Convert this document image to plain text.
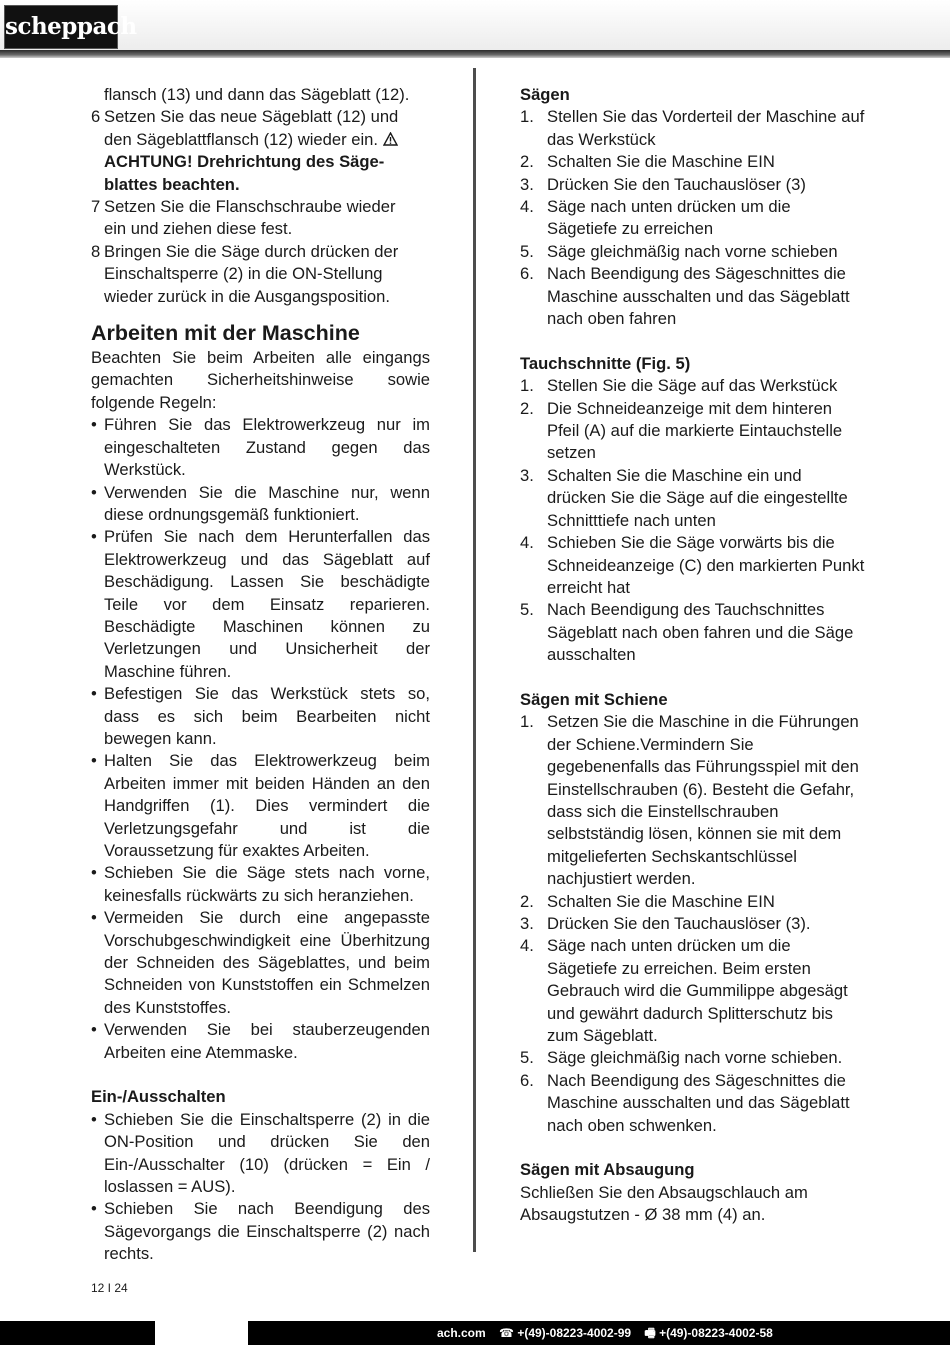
scheppach

flansch (13) und dann das Sägeblatt (12).

6 Setzen Sie das neue Sägeblatt (12) und
den Sägeblattflansch (12) wieder ein.
ACHTUNG! Drehrichtung des Säge-
blattes beachten.
7 Setzen Sie die Flanschschraube wieder
ein und ziehen diese fest.
8 Bringen Sie die Säge durch drücken der
Einschaltsperre (2) in die ON-Stellung
wieder zurück in die Ausgangsposition.
Arbeiten mit der Maschine

Beachten Sie beim Arbeiten alle eingangs gemachten Sicherheitshinweise sowie folgende Regeln:

• Führen Sie das Elektrowerkzeug nur im eingeschalteten Zustand gegen das Werkstück.
• Verwenden Sie die Maschine nur, wenn diese ordnungsgemäß funktioniert.
• Prüfen Sie nach dem Herunterfallen das Elektrowerkzeug und das Sägeblatt auf Beschädigung. Lassen Sie beschädigte Teile vor dem Einsatz reparieren. Beschädigte Maschinen können zu Verletzungen und Unsicherheit der Maschine führen.
• Befestigen Sie das Werkstück stets so, dass es sich beim Bearbeiten nicht bewegen kann.
• Halten Sie das Elektrowerkzeug beim Arbeiten immer mit beiden Händen an den Handgriffen (1). Dies vermindert die Verletzungsgefahr und ist die Voraussetzung für exaktes Arbeiten.
• Schieben Sie die Säge stets nach vorne, keinesfalls rückwärts zu sich heranziehen.
• Vermeiden Sie durch eine angepasste Vorschubgeschwindigkeit eine Überhitzung der Schneiden des Sägeblattes, und beim Schneiden von Kunststoffen ein Schmelzen des Kunststoffes.
• Verwenden Sie bei stauberzeugenden Arbeiten eine Atemmaske.
Ein-/Ausschalten
• Schieben Sie die Einschaltsperre (2) in die ON-Position und drücken Sie den Ein-/Ausschalter (10) (drücken = Ein / loslassen = AUS).
• Schieben Sie nach Beendigung des Sägevorgangs die Einschaltsperre (2) nach rechts.
Sägen
1. Stellen Sie das Vorderteil der Maschine auf das Werkstück
2. Schalten Sie die Maschine EIN
3. Drücken Sie den Tauchauslöser (3)
4. Säge nach unten drücken um die Sägetiefe zu erreichen
5. Säge gleichmäßig nach vorne schieben
6. Nach Beendigung des Sägeschnittes die Maschine ausschalten und das Sägeblatt nach oben fahren
Tauchschnitte (Fig. 5)
1. Stellen Sie die Säge auf das Werkstück
2. Die Schneideanzeige mit dem hinteren Pfeil (A) auf die markierte Eintauchstelle setzen
3. Schalten Sie die Maschine ein und drücken Sie die Säge auf die eingestellte Schnitttiefe nach unten
4. Schieben Sie die Säge vorwärts bis die Schneideanzeige (C) den markierten Punkt erreicht hat
5. Nach Beendigung des Tauchschnittes Sägeblatt nach oben fahren und die Säge ausschalten
Sägen mit Schiene
1. Setzen Sie die Maschine in die Führungen der Schiene.Vermindern Sie gegebenenfalls das Führungsspiel mit den Einstellschrauben (6). Besteht die Gefahr, dass sich die Einstellschrauben selbstständig lösen, können sie mit dem mitgelieferten Sechskantschlüssel nachjustiert werden.
2. Schalten Sie die Maschine EIN
3. Drücken Sie den Tauchauslöser (3).
4. Säge nach unten drücken um die Sägetiefe zu erreichen. Beim ersten Gebrauch wird die Gummilippe abgesägt und gewährt dadurch Splitterschutz bis zum Sägeblatt.
5. Säge gleichmäßig nach vorne schieben.
6. Nach Beendigung des Sägeschnittes die Maschine ausschalten und das Sägeblatt nach oben schwenken.
Sägen mit Absaugung

Schließen Sie den Absaugschlauch am Absaugstutzen - Ø 38 mm (4) an.

12 I 24
ach.com ☎ +(49)-08223-4002-99 🖷 +(49)-08223-4002-58
